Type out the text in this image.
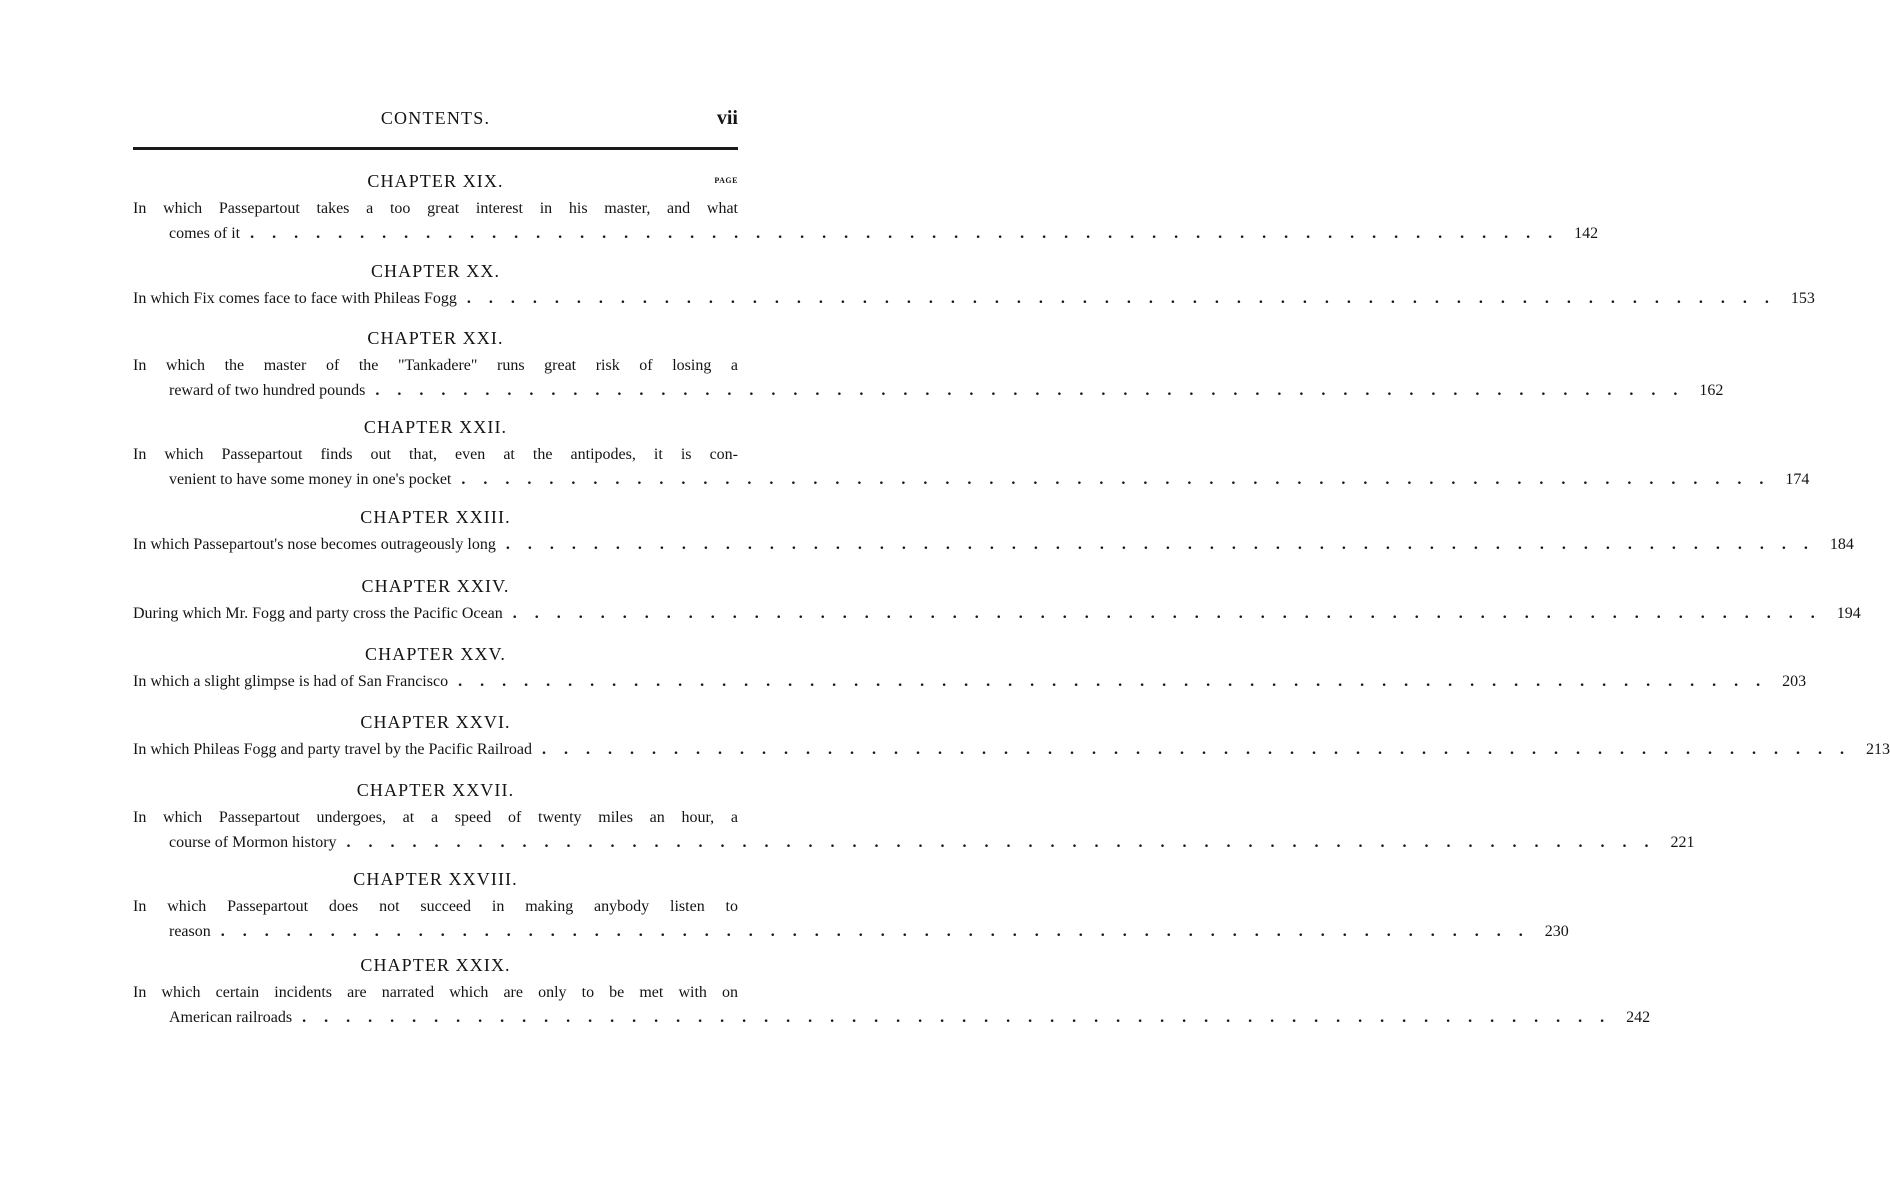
CONTENTS.	vii
CHAPTER XIX.	PAGE
In which Passepartout takes a too great interest in his master, and what
comes of it ............................................................ 142
CHAPTER XX.
In which Fix comes face to face with Phileas Fogg ............................................................ 153
CHAPTER XXI.
In which the master of the "Tankadere" runs great risk of losing a
reward of two hundred pounds ............................................................ 162
CHAPTER XXII.
In which Passepartout finds out that, even at the antipodes, it is con-
venient to have some money in one's pocket ............................................................ 174
CHAPTER XXIII.
In which Passepartout's nose becomes outrageously long ............................................................ 184
CHAPTER XXIV.
During which Mr. Fogg and party cross the Pacific Ocean ............................................................ 194
CHAPTER XXV.
In which a slight glimpse is had of San Francisco ............................................................ 203
CHAPTER XXVI.
In which Phileas Fogg and party travel by the Pacific Railroad ............................................................ 213
CHAPTER XXVII.
In which Passepartout undergoes, at a speed of twenty miles an hour, a
course of Mormon history ............................................................ 221
CHAPTER XXVIII.
In which Passepartout does not succeed in making anybody listen to
reason ............................................................ 230
CHAPTER XXIX.
In which certain incidents are narrated which are only to be met with on
American railroads ............................................................ 242
